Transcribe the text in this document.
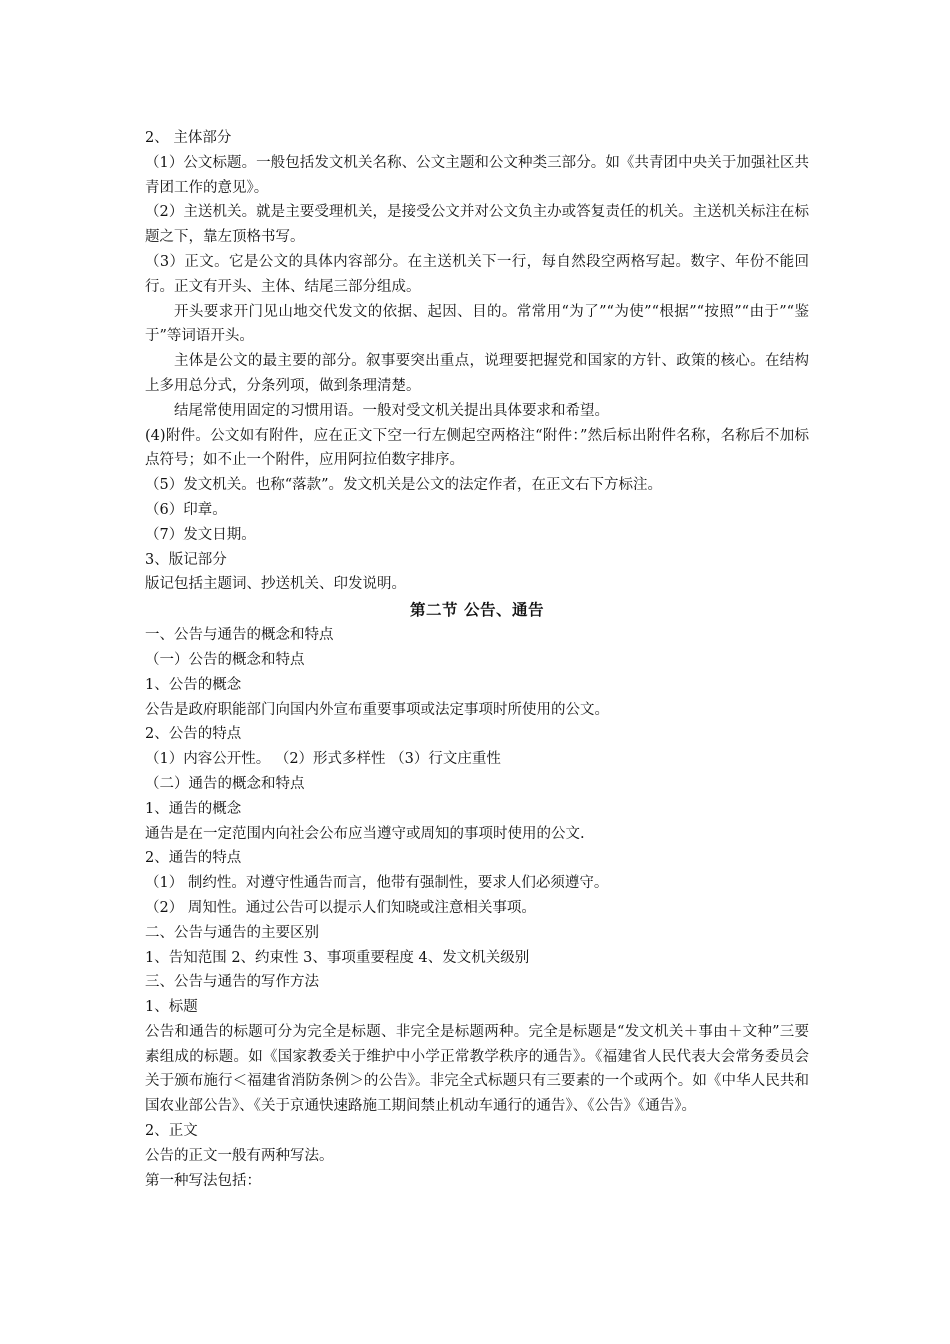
2、 主体部分

（1）公文标题。一般包括发文机关名称、公文主题和公文种类三部分。如《共青团中央关于加强社区共青团工作的意见》。

（2）主送机关。就是主要受理机关，是接受公文并对公文负主办或答复责任的机关。主送机关标注在标题之下，靠左顶格书写。

（3）正文。它是公文的具体内容部分。在主送机关下一行，每自然段空两格写起。数字、年份不能回行。正文有开头、主体、结尾三部分组成。

开头要求开门见山地交代发文的依据、起因、目的。常常用“为了”“为使”“根据”“按照”“由于”“鉴于”等词语开头。

主体是公文的最主要的部分。叙事要突出重点，说理要把握党和国家的方针、政策的核心。在结构上多用总分式，分条列项，做到条理清楚。

结尾常使用固定的习惯用语。一般对受文机关提出具体要求和希望。

(4)附件。公文如有附件，应在正文下空一行左侧起空两格注“附件：”然后标出附件名称，名称后不加标点符号；如不止一个附件，应用阿拉伯数字排序。

（5）发文机关。也称“落款”。发文机关是公文的法定作者，在正文右下方标注。

（6）印章。

（7）发文日期。

3、版记部分

版记包括主题词、抄送机关、印发说明。

第二节 公告、通告

一、公告与通告的概念和特点

（一）公告的概念和特点

1、公告的概念

公告是政府职能部门向国内外宣布重要事项或法定事项时所使用的公文。

2、公告的特点

（1）内容公开性。 （2）形式多样性 （3）行文庄重性

（二）通告的概念和特点

1、通告的概念

通告是在一定范围内向社会公布应当遵守或周知的事项时使用的公文.

2、通告的特点

（1） 制约性。对遵守性通告而言，他带有强制性，要求人们必须遵守。

（2） 周知性。通过公告可以提示人们知晓或注意相关事项。

二、公告与通告的主要区别

1、告知范围 2、约束性 3、事项重要程度 4、发文机关级别

三、公告与通告的写作方法

1、标题

公告和通告的标题可分为完全是标题、非完全是标题两种。完全是标题是“发文机关＋事由＋文种”三要素组成的标题。如《国家教委关于维护中小学正常教学秩序的通告》。《福建省人民代表大会常务委员会关于颁布施行＜福建省消防条例＞的公告》。非完全式标题只有三要素的一个或两个。如《中华人民共和国农业部公告》、《关于京通快速路施工期间禁止机动车通行的通告》、《公告》《通告》。

2、正文

公告的正文一般有两种写法。

第一种写法包括：
